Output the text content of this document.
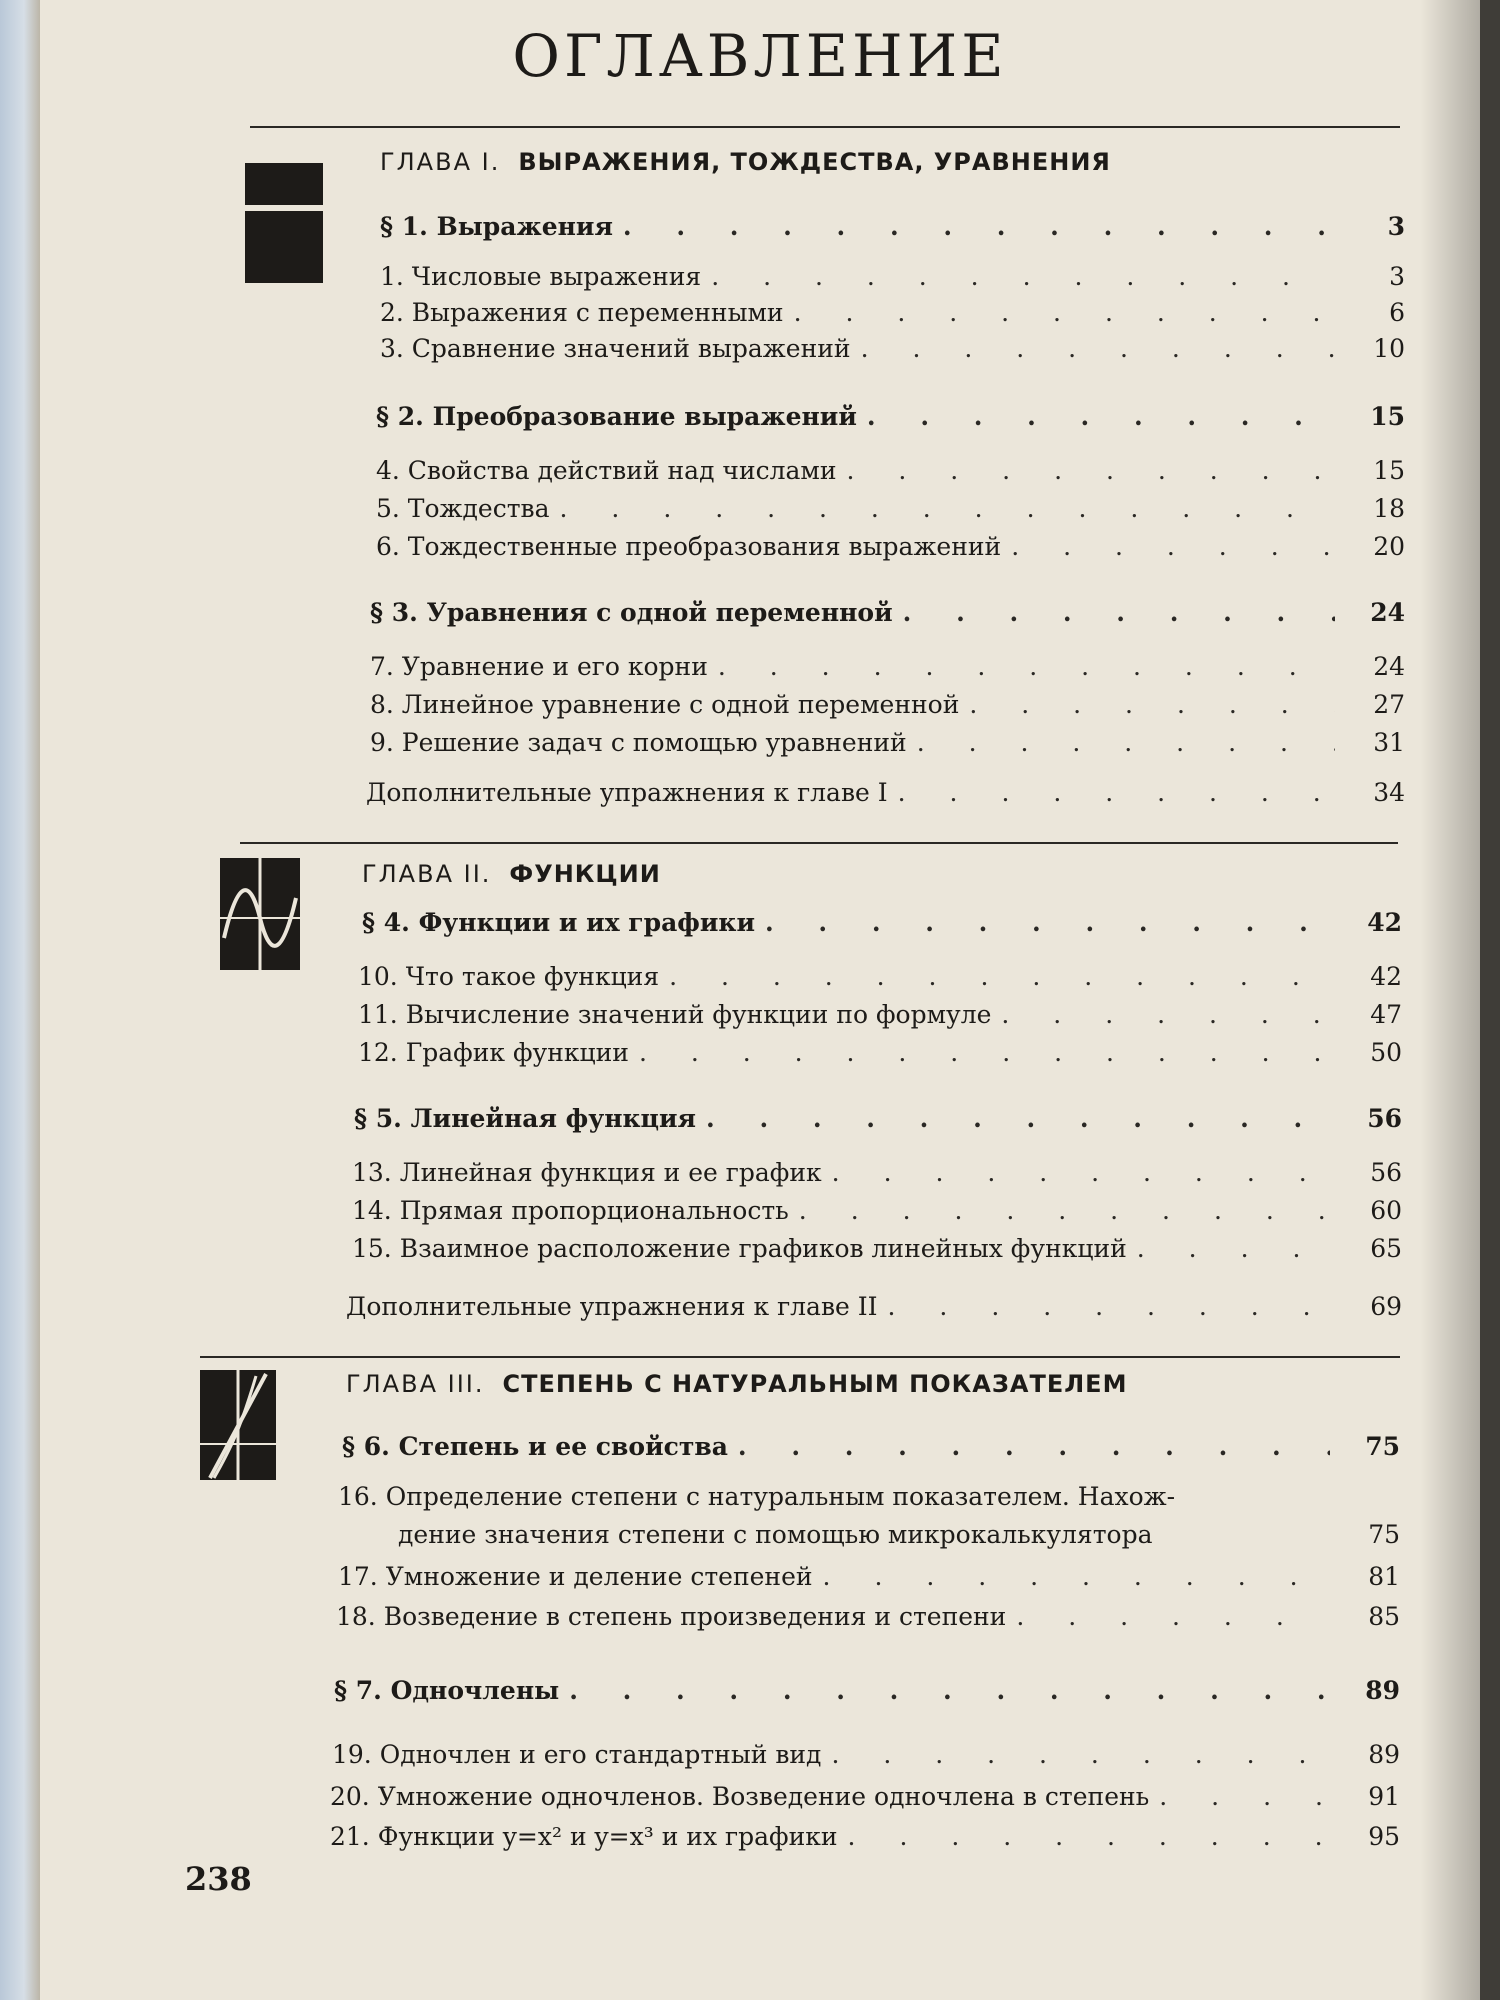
ОГЛАВЛЕНИЕ
ГЛАВА I. ВЫРАЖЕНИЯ, ТОЖДЕСТВА, УРАВНЕНИЯ
§ 1. Выражения . . .	3
1. Числовые выражения . . .	3
2. Выражения с переменными . . .	6
3. Сравнение значений выражений . . .	10
§ 2. Преобразование выражений . . .	15
4. Свойства действий над числами . . .	15
5. Тождества . . .	18
6. Тождественные преобразования выражений . . .	20
§ 3. Уравнения с одной переменной . . .	24
7. Уравнение и его корни . . .	24
8. Линейное уравнение с одной переменной . . .	27
9. Решение задач с помощью уравнений . . .	31
Дополнительные упражнения к главе I . . .	34
ГЛАВА II. ФУНКЦИИ
§ 4. Функции и их графики . . .	42
10. Что такое функция . . .	42
11. Вычисление значений функции по формуле . . .	47
12. График функции . . .	50
§ 5. Линейная функция . . .	56
13. Линейная функция и ее график . . .	56
14. Прямая пропорциональность . . .	60
15. Взаимное расположение графиков линейных функций . . .	65
Дополнительные упражнения к главе II . . .	69
ГЛАВА III. СТЕПЕНЬ С НАТУРАЛЬНЫМ ПОКАЗАТЕЛЕМ
§ 6. Степень и ее свойства . . .	75
16. Определение степени с натуральным показателем. Нахож-
дение значения степени с помощью микрокалькулятора	75
17. Умножение и деление степеней . . .	81
18. Возведение в степень произведения и степени . . .	85
§ 7. Одночлены . . .	89
19. Одночлен и его стандартный вид . . .	89
20. Умножение одночленов. Возведение одночлена в степень . . .	91
21. Функции y=x² и y=x³ и их графики . . .	95
238
